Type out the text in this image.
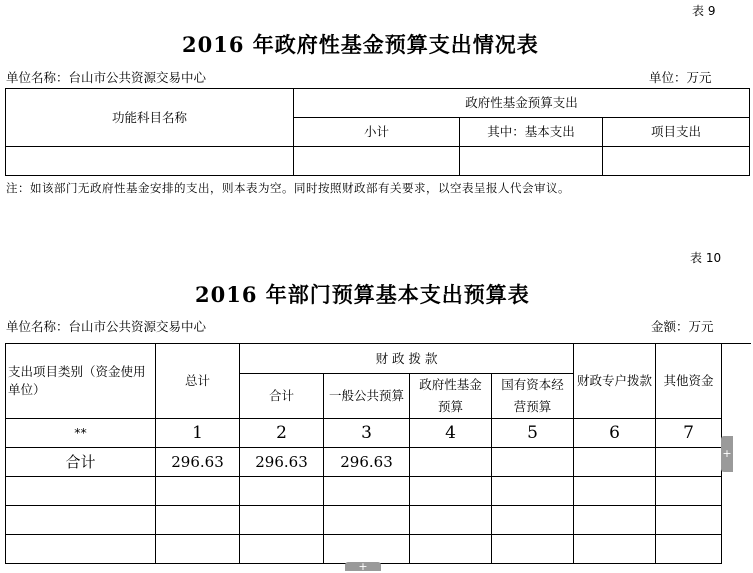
表 9
2016 年政府性基金预算支出情况表
单位名称：台山市公共资源交易中心	单位：万元
功能科目名称	政府性基金预算支出		
	小计	其中：基本支出	项目支出

注：如该部门无政府性基金安排的支出，则本表为空。同时按照财政部有关要求，以空表呈报人代会审议。
表 10
2016 年部门预算基本支出预算表
单位名称：台山市公共资源交易中心	金额：万元
支出项目类别（资金使用单位）	总计	财 政 拨 款				财政专户拨款	其他资金
		合计	一般公共预算	政府性基金预算	国有资本经营预算		
**	1	2	3	4	5	6	7
合计	296.63	296.63	296.63				

								+
+
